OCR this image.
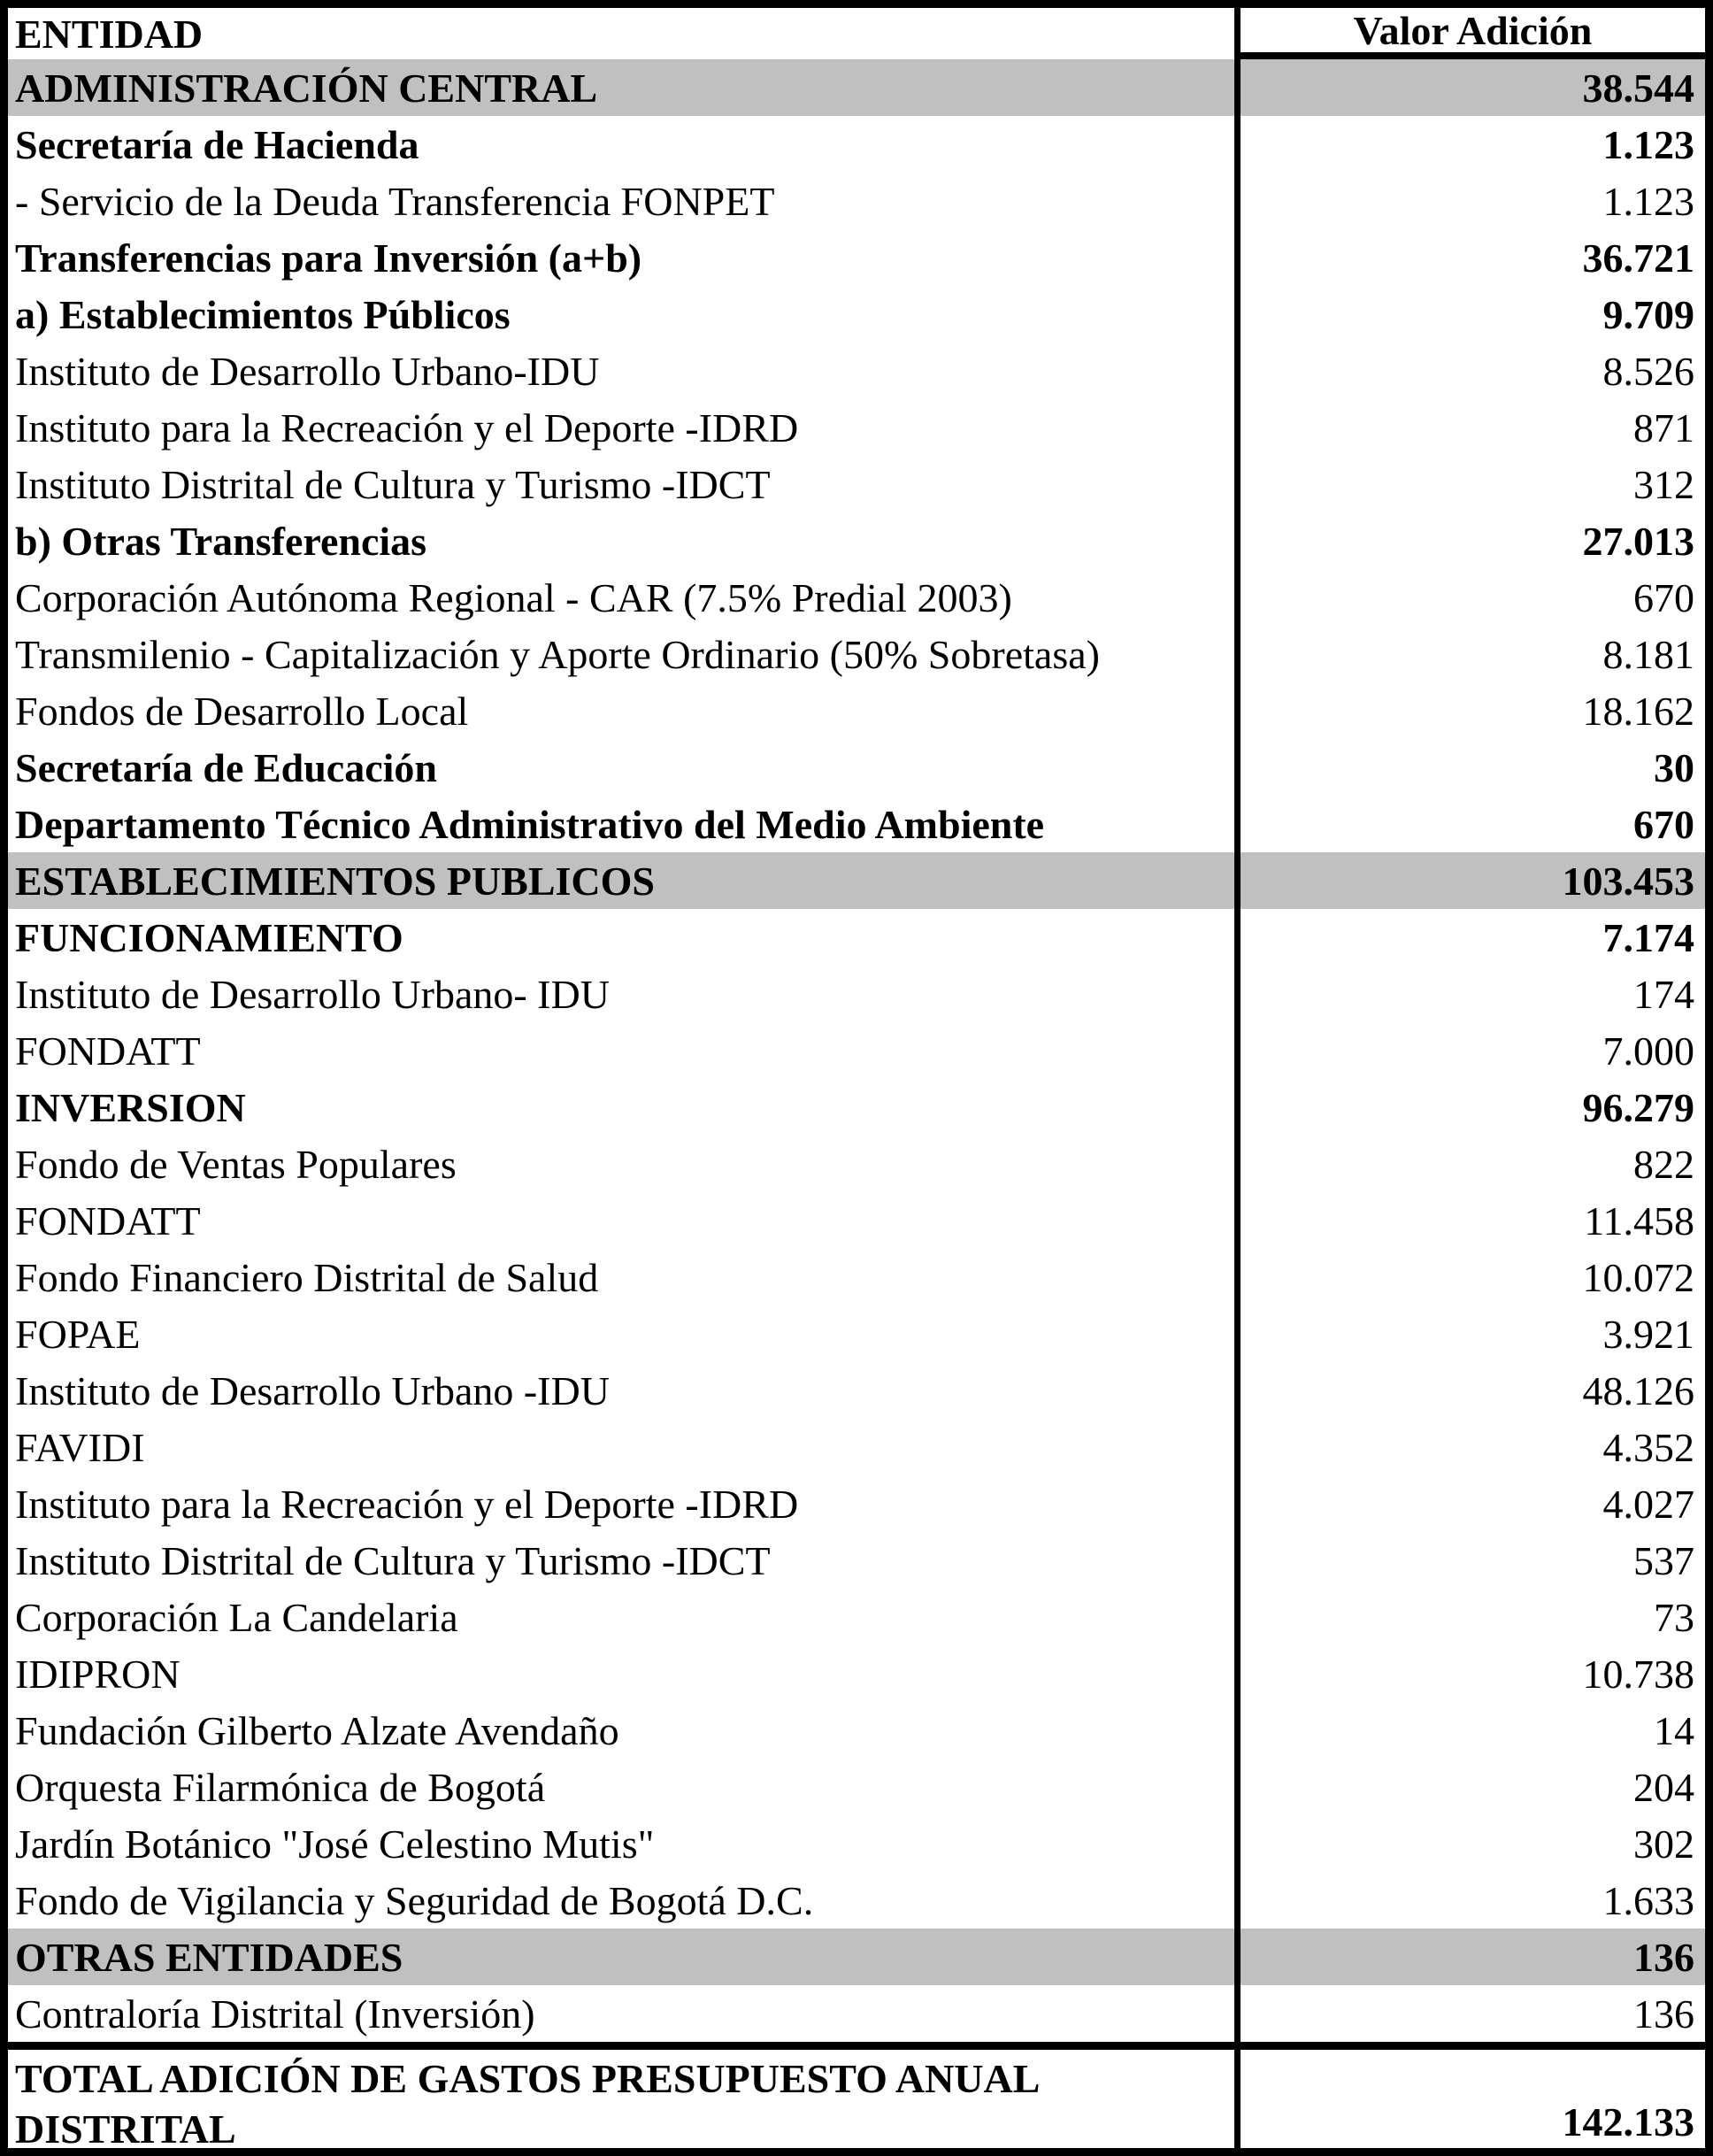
ENTIDAD	Valor Adición
ADMINISTRACIÓN CENTRAL	38.544
Secretaría de Hacienda	1.123
- Servicio de la Deuda Transferencia FONPET	1.123
Transferencias para Inversión (a+b)	36.721
a) Establecimientos Públicos	9.709
Instituto de Desarrollo Urbano-IDU	8.526
Instituto para la Recreación y el Deporte -IDRD	871
Instituto Distrital de Cultura y Turismo -IDCT	312
b) Otras Transferencias	27.013
Corporación Autónoma Regional - CAR (7.5% Predial 2003)	670
Transmilenio - Capitalización y Aporte Ordinario (50% Sobretasa)	8.181
Fondos de Desarrollo Local	18.162
Secretaría de Educación	30
Departamento Técnico Administrativo del Medio Ambiente	670
ESTABLECIMIENTOS PUBLICOS	103.453
FUNCIONAMIENTO	7.174
Instituto de Desarrollo Urbano- IDU	174
FONDATT	7.000
INVERSION	96.279
Fondo de Ventas Populares	822
FONDATT	11.458
Fondo Financiero Distrital de Salud	10.072
FOPAE	3.921
Instituto de Desarrollo Urbano -IDU	48.126
FAVIDI	4.352
Instituto para la Recreación y el Deporte -IDRD	4.027
Instituto Distrital de Cultura y Turismo -IDCT	537
Corporación La Candelaria	73
IDIPRON	10.738
Fundación Gilberto Alzate Avendaño	14
Orquesta Filarmónica de Bogotá	204
Jardín Botánico "José Celestino Mutis"	302
Fondo de Vigilancia y Seguridad de Bogotá D.C.	1.633
OTRAS ENTIDADES	136
Contraloría Distrital (Inversión)	136
TOTAL ADICIÓN DE GASTOS PRESUPUESTO ANUAL DISTRITAL	142.133
